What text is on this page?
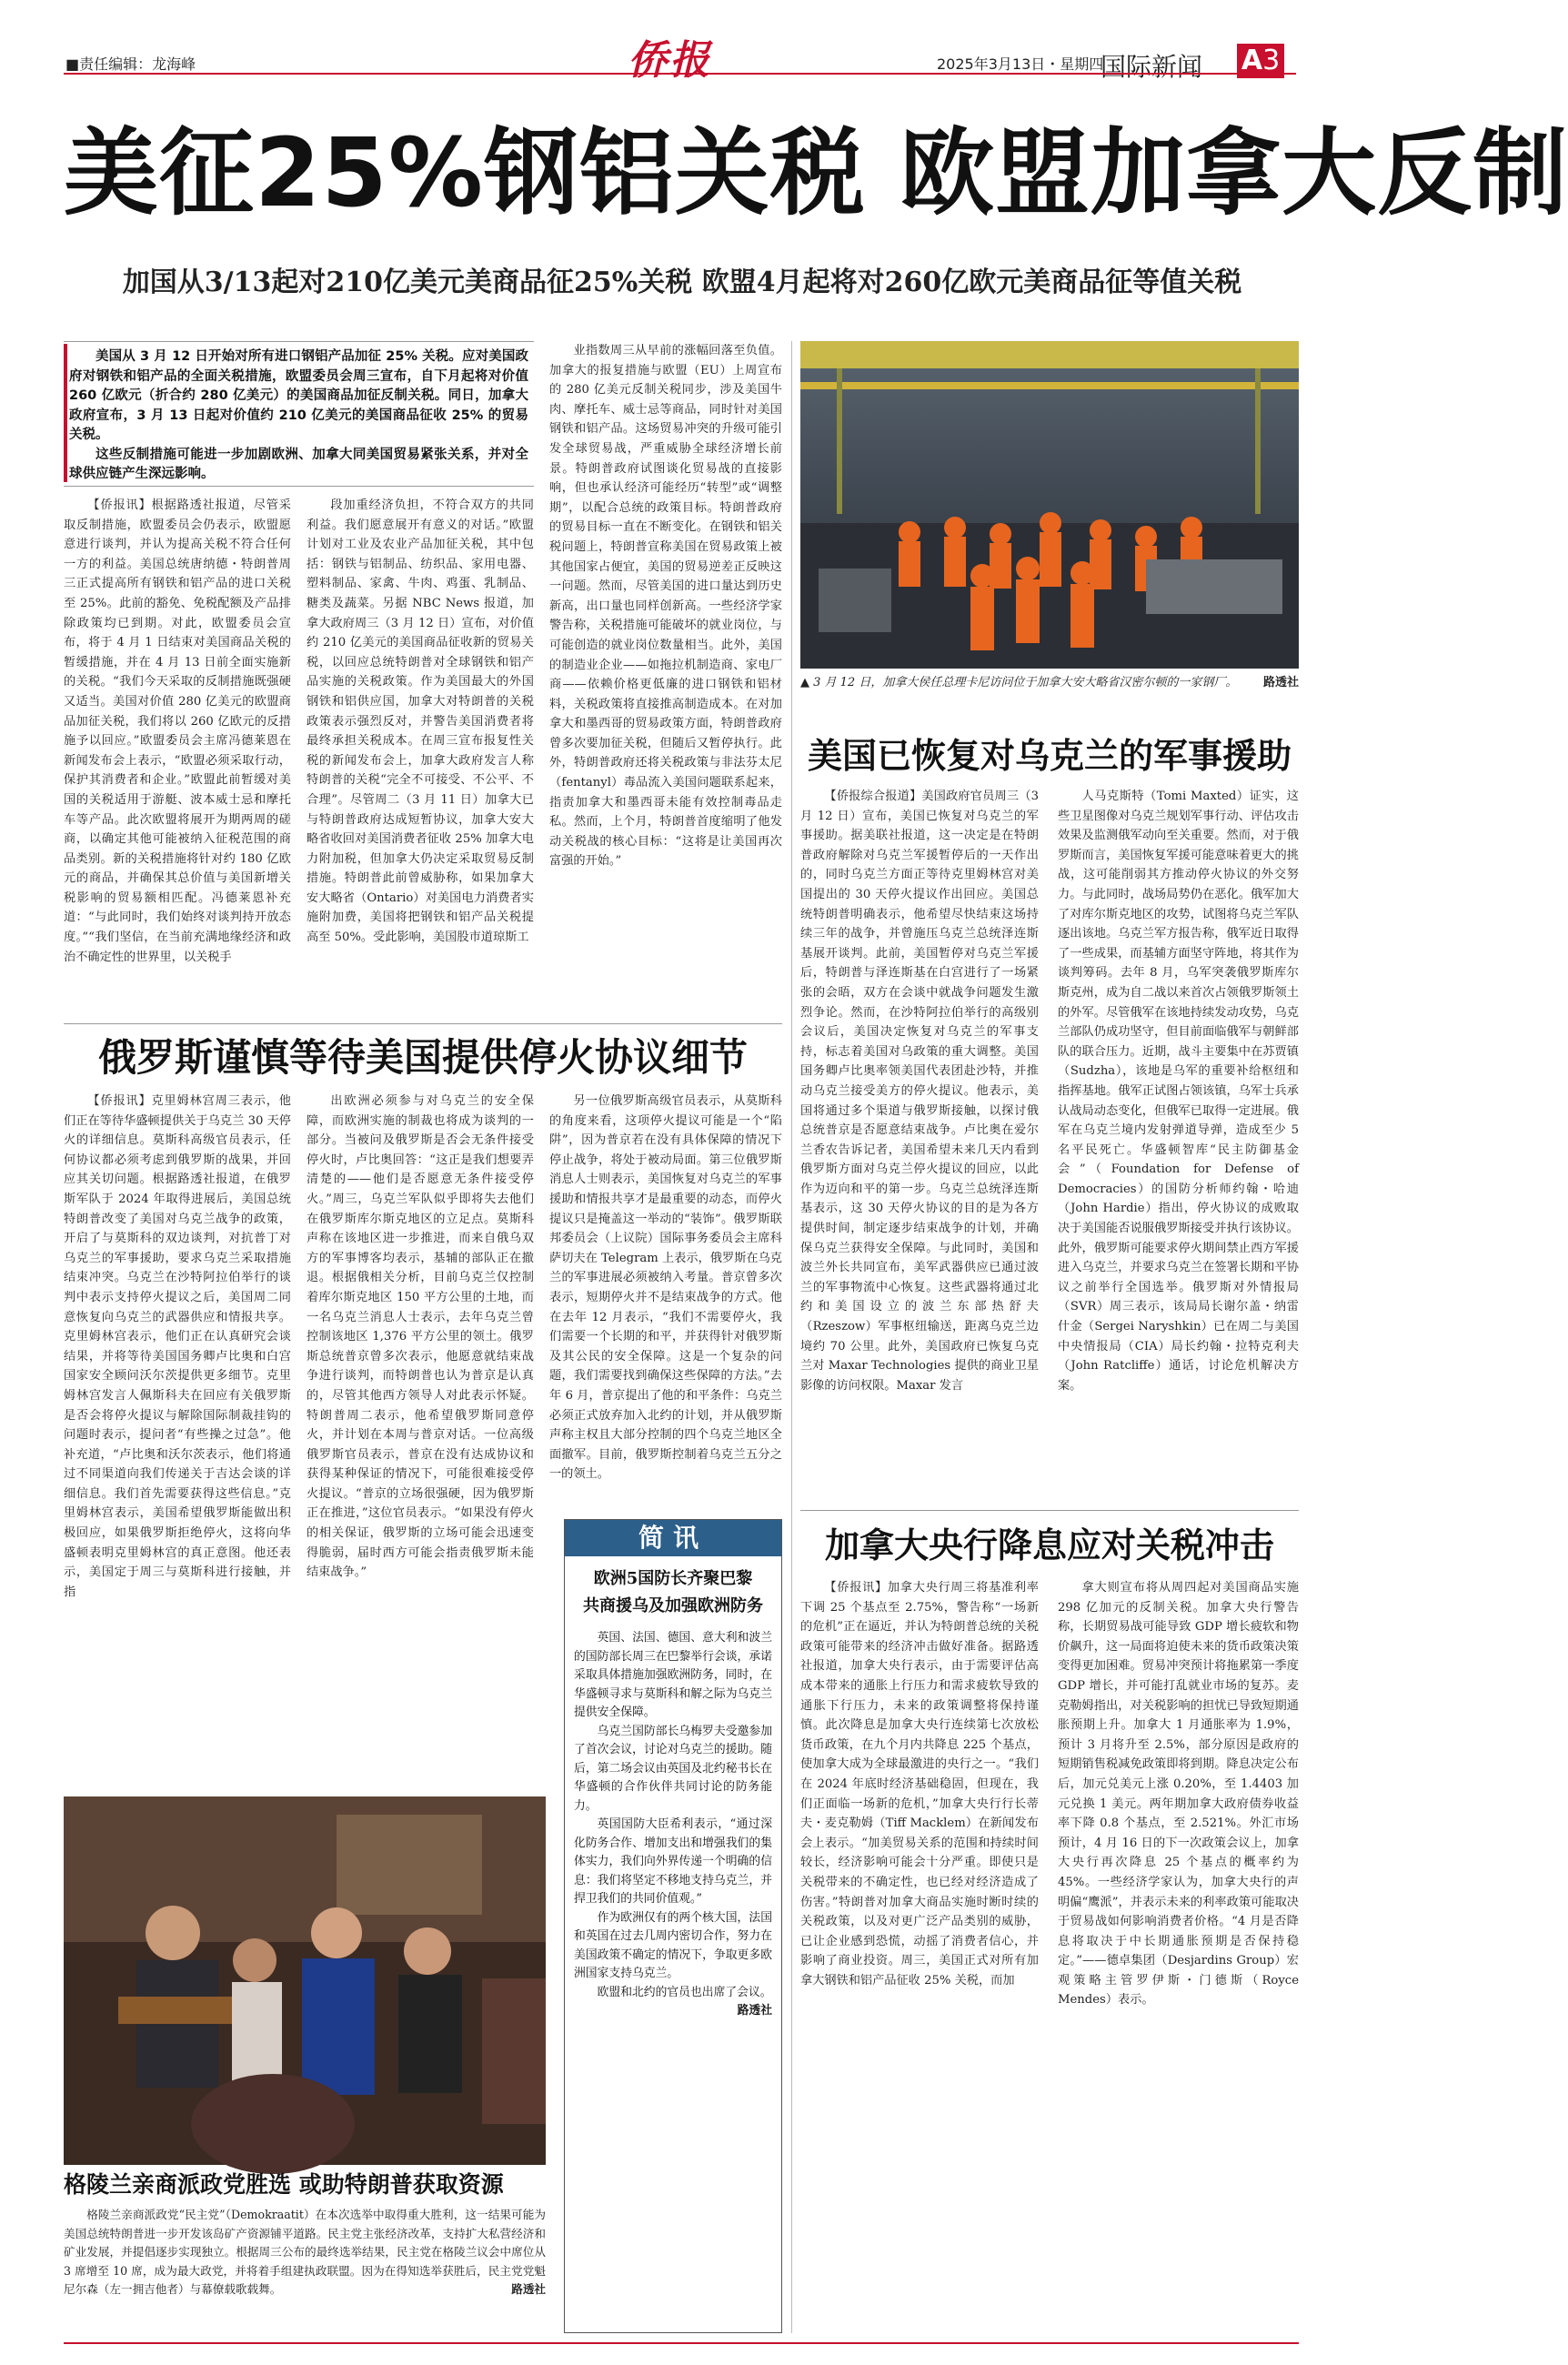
■责任编辑：龙海峰	侨报	2025年3月13日・星期四
国际新闻 A3
美征25%钢铝关税 欧盟加拿大反制
加国从3/13起对210亿美元美商品征25%关税 欧盟4月起将对260亿欧元美商品征等值关税

美国从 3 月 12 日开始对所有进口钢铝产品加征 25% 关税。应对美国政府对钢铁和铝产品的全面关税措施，欧盟委员会周三宣布，自下月起将对价值 260 亿欧元（折合约 280 亿美元）的美国商品加征反制关税。同日，加拿大政府宣布，3 月 13 日起对价值约 210 亿美元的美国商品征收 25% 的贸易关税。

这些反制措施可能进一步加剧欧洲、加拿大同美国贸易紧张关系，并对全球供应链产生深远影响。

【侨报讯】根据路透社报道，尽管采取反制措施，欧盟委员会仍表示，欧盟愿意进行谈判，并认为提高关税不符合任何一方的利益。美国总统唐纳德・特朗普周三正式提高所有钢铁和铝产品的进口关税至 25%。此前的豁免、免税配额及产品排除政策均已到期。对此，欧盟委员会宣布，将于 4 月 1 日结束对美国商品关税的暂缓措施，并在 4 月 13 日前全面实施新的关税。“我们今天采取的反制措施既强硬又适当。美国对价值 280 亿美元的欧盟商品加征关税，我们将以 260 亿欧元的反措施予以回应。”欧盟委员会主席冯德莱恩在新闻发布会上表示，“欧盟必须采取行动，保护其消费者和企业。”欧盟此前暂缓对美国的关税适用于游艇、波本威士忌和摩托车等产品。此次欧盟将展开为期两周的磋商，以确定其他可能被纳入征税范围的商品类别。新的关税措施将针对约 180 亿欧元的商品，并确保其总价值与美国新增关税影响的贸易额相匹配。冯德莱恩补充道：“与此同时，我们始终对谈判持开放态度。”“我们坚信，在当前充满地缘经济和政治不确定性的世界里，以关税手
段加重经济负担，不符合双方的共同利益。我们愿意展开有意义的对话。”欧盟计划对工业及农业产品加征关税，其中包括：钢铁与铝制品、纺织品、家用电器、塑料制品、家禽、牛肉、鸡蛋、乳制品、糖类及蔬菜。另据 NBC News 报道，加拿大政府周三（3 月 12 日）宣布，对价值约 210 亿美元的美国商品征收新的贸易关税，以回应总统特朗普对全球钢铁和铝产品实施的关税政策。作为美国最大的外国钢铁和铝供应国，加拿大对特朗普的关税政策表示强烈反对，并警告美国消费者将最终承担关税成本。在周三宣布报复性关税的新闻发布会上，加拿大政府发言人称特朗普的关税“完全不可接受、不公平、不合理”。尽管周二（3 月 11 日）加拿大已与特朗普政府达成短暂协议，加拿大安大略省收回对美国消费者征收 25% 加拿大电力附加税，但加拿大仍决定采取贸易反制措施。特朗普此前曾威胁称，如果加拿大安大略省（Ontario）对美国电力消费者实施附加费，美国将把钢铁和铝产品关税提高至 50%。受此影响，美国股市道琼斯工
业指数周三从早前的涨幅回落至负值。加拿大的报复措施与欧盟（EU）上周宣布的 280 亿美元反制关税同步，涉及美国牛肉、摩托车、威士忌等商品，同时针对美国钢铁和铝产品。这场贸易冲突的升级可能引发全球贸易战，严重威胁全球经济增长前景。特朗普政府试图谈化贸易战的直接影响，但也承认经济可能经历“转型”或“调整期”，以配合总统的政策目标。特朗普政府的贸易目标一直在不断变化。在钢铁和铝关税问题上，特朗普宣称美国在贸易政策上被其他国家占便宜，美国的贸易逆差正反映这一问题。然而，尽管美国的进口量达到历史新高，出口量也同样创新高。一些经济学家警告称，关税措施可能破坏的就业岗位，与可能创造的就业岗位数量相当。此外，美国的制造业企业——如拖拉机制造商、家电厂商——依赖价格更低廉的进口钢铁和铝材料，关税政策将直接推高制造成本。在对加拿大和墨西哥的贸易政策方面，特朗普政府曾多次要加征关税，但随后又暂停执行。此外，特朗普政府还将关税政策与非法芬太尼（fentanyl）毒品流入美国问题联系起来，指责加拿大和墨西哥未能有效控制毒品走私。然而，上个月，特朗普首度缩明了他发动关税战的核心目标：“这将是让美国再次富强的开始。”
▲ 3 月 12 日，加拿大侯任总理卡尼访问位于加拿大安大略省汉密尔顿的一家钢厂。 路透社
美国已恢复对乌克兰的军事援助
【侨报综合报道】美国政府官员周三（3 月 12 日）宣布，美国已恢复对乌克兰的军事援助。据美联社报道，这一决定是在特朗普政府解除对乌克兰军援暂停后的一天作出的，同时乌克兰方面正等待克里姆林宫对美国提出的 30 天停火提议作出回应。美国总统特朗普明确表示，他希望尽快结束这场持续三年的战争，并曾施压乌克兰总统泽连斯基展开谈判。此前，美国暂停对乌克兰军援后，特朗普与泽连斯基在白宫进行了一场紧张的会晤，双方在会谈中就战争问题发生激烈争论。然而，在沙特阿拉伯举行的高级别会议后，美国决定恢复对乌克兰的军事支持，标志着美国对乌政策的重大调整。美国国务卿卢比奥率领美国代表团赴沙特，并推动乌克兰接受美方的停火提议。他表示，美国将通过多个渠道与俄罗斯接触，以探讨俄总统普京是否愿意结束战争。卢比奥在爱尔兰香农告诉记者，美国希望未来几天内看到俄罗斯方面对乌克兰停火提议的回应，以此作为迈向和平的第一步。乌克兰总统泽连斯基表示，这 30 天停火协议的目的是为各方提供时间，制定逐步结束战争的计划，并确保乌克兰获得安全保障。与此同时，美国和波兰外长共同宣布，美军武器供应已通过波兰的军事物流中心恢复。这些武器将通过北约和美国设立的波兰东部热舒夫（Rzeszow）军事枢纽输送，距离乌克兰边境约 70 公里。此外，美国政府已恢复乌克兰对 Maxar Technologies 提供的商业卫星影像的访问权限。Maxar 发言
人马克斯特（Tomi Maxted）证实，这些卫星图像对乌克兰规划军事行动、评估攻击效果及监测俄军动向至关重要。然而，对于俄罗斯而言，美国恢复军援可能意味着更大的挑战，这可能削弱其方推动停火协议的外交努力。与此同时，战场局势仍在恶化。俄军加大了对库尔斯克地区的攻势，试图将乌克兰军队逐出该地。乌克兰军方报告称，俄军近日取得了一些成果，而基辅方面坚守阵地，将其作为谈判筹码。去年 8 月，乌军突袭俄罗斯库尔斯克州，成为自二战以来首次占领俄罗斯领土的外军。尽管俄军在该地持续发动攻势，乌克兰部队仍成功坚守，但目前面临俄军与朝鲜部队的联合压力。近期，战斗主要集中在苏贾镇（Sudzha），该地是乌军的重要补给枢纽和指挥基地。俄军正试图占领该镇，乌军士兵承认战局动态变化，但俄军已取得一定进展。俄军在乌克兰境内发射弹道导弹，造成至少 5 名平民死亡。华盛顿智库“民主防御基金会”（Foundation for Defense of Democracies）的国防分析师约翰・哈迪（John Hardie）指出，停火协议的成败取决于美国能否说服俄罗斯接受并执行该协议。此外，俄罗斯可能要求停火期间禁止西方军援进入乌克兰，并要求乌克兰在签署长期和平协议之前举行全国选举。俄罗斯对外情报局（SVR）周三表示，该局局长谢尔盖・纳雷什金（Sergei Naryshkin）已在周二与美国中央情报局（CIA）局长约翰・拉特克利夫（John Ratcliffe）通话，讨论危机解决方案。
俄罗斯谨慎等待美国提供停火协议细节
【侨报讯】克里姆林宫周三表示，他们正在等待华盛顿提供关于乌克兰 30 天停火的详细信息。莫斯科高级官员表示，任何协议都必须考虑到俄罗斯的战果，并回应其关切问题。根据路透社报道，在俄罗斯军队于 2024 年取得进展后，美国总统特朗普改变了美国对乌克兰战争的政策，开启了与莫斯科的双边谈判，对抗普丁对乌克兰的军事援助，要求乌克兰采取措施结束冲突。乌克兰在沙特阿拉伯举行的谈判中表示支持停火提议之后，美国周二同意恢复向乌克兰的武器供应和情报共享。克里姆林宫表示，他们正在认真研究会谈结果，并将等待美国国务卿卢比奥和白宫国家安全顾问沃尔茨提供更多细节。克里姆林宫发言人佩斯科夫在回应有关俄罗斯是否会将停火提议与解除国际制裁挂钩的问题时表示，提问者“有些操之过急”。他补充道，“卢比奥和沃尔茨表示，他们将通过不同渠道向我们传递关于吉达会谈的详细信息。我们首先需要获得这些信息。”克里姆林宫表示，美国希望俄罗斯能做出积极回应，如果俄罗斯拒绝停火，这将向华盛顿表明克里姆林宫的真正意图。他还表示，美国定于周三与莫斯科进行接触，并指
出欧洲必须参与对乌克兰的安全保障，而欧洲实施的制裁也将成为谈判的一部分。当被问及俄罗斯是否会无条件接受停火时，卢比奥回答：“这正是我们想要弄清楚的——他们是否愿意无条件接受停火。”周三，乌克兰军队似乎即将失去他们在俄罗斯库尔斯克地区的立足点。莫斯科声称在该地区进一步推进，而来自俄乌双方的军事博客均表示，基辅的部队正在撤退。根据俄相关分析，目前乌克兰仅控制着库尔斯克地区 150 平方公里的土地，而一名乌克兰消息人士表示，去年乌克兰曾控制该地区 1,376 平方公里的领土。俄罗斯总统普京曾多次表示，他愿意就结束战争进行谈判，而特朗普也认为普京是认真的，尽管其他西方领导人对此表示怀疑。特朗普周二表示，他希望俄罗斯同意停火，并计划在本周与普京对话。一位高级俄罗斯官员表示，普京在没有达成协议和获得某种保证的情况下，可能很难接受停火提议。“普京的立场很强硬，因为俄罗斯正在推进，”这位官员表示。“如果没有停火的相关保证，俄罗斯的立场可能会迅速变得脆弱，届时西方可能会指责俄罗斯未能结束战争。”
另一位俄罗斯高级官员表示，从莫斯科的角度来看，这项停火提议可能是一个“陷阱”，因为普京若在没有具体保障的情况下停止战争，将处于被动局面。第三位俄罗斯消息人士则表示，美国恢复对乌克兰的军事援助和情报共享才是最重要的动态，而停火提议只是掩盖这一举动的“装饰”。俄罗斯联邦委员会（上议院）国际事务委员会主席科萨切夫在 Telegram 上表示，俄罗斯在乌克兰的军事进展必须被纳入考量。普京曾多次表示，短期停火并不是结束战争的方式。他在去年 12 月表示，“我们不需要停火，我们需要一个长期的和平，并获得针对俄罗斯及其公民的安全保障。这是一个复杂的问题，我们需要找到确保这些保障的方法。”去年 6 月，普京提出了他的和平条件：乌克兰必须正式放弃加入北约的计划，并从俄罗斯声称主权且大部分控制的四个乌克兰地区全面撤军。目前，俄罗斯控制着乌克兰五分之一的领土。
简讯
欧洲5国防长齐聚巴黎
共商援乌及加强欧洲防务

英国、法国、德国、意大利和波兰的国防部长周三在巴黎举行会谈，承诺采取具体措施加强欧洲防务，同时，在华盛顿寻求与莫斯科和解之际为乌克兰提供安全保障。

乌克兰国防部长乌梅罗夫受邀参加了首次会议，讨论对乌克兰的援助。随后，第二场会议由英国及北约秘书长在华盛顿的合作伙伴共同讨论的防务能力。

英国国防大臣希利表示，“通过深化防务合作、增加支出和增强我们的集体实力，我们向外界传递一个明确的信息：我们将坚定不移地支持乌克兰，并捍卫我们的共同价值观。”

作为欧洲仅有的两个核大国，法国和英国在过去几周内密切合作，努力在美国政策不确定的情况下，争取更多欧洲国家支持乌克兰。

欧盟和北约的官员也出席了会议。

路透社
格陵兰亲商派政党胜选 或助特朗普获取资源
格陵兰亲商派政党“民主党”（Demokraatit）在本次选举中取得重大胜利，这一结果可能为美国总统特朗普进一步开发该岛矿产资源铺平道路。民主党主张经济改革，支持扩大私营经济和矿业发展，并提倡逐步实现独立。根据周三公布的最终选举结果，民主党在格陵兰议会中席位从 3 席增至 10 席，成为最大政党，并将着手组建执政联盟。因为在得知选举获胜后，民主党党魁尼尔森（左一拥吉他者）与幕僚载歌载舞。	路透社
加拿大央行降息应对关税冲击
【侨报讯】加拿大央行周三将基准利率下调 25 个基点至 2.75%，警告称“一场新的危机”正在逼近，并认为特朗普总统的关税政策可能带来的经济冲击做好准备。据路透社报道，加拿大央行表示，由于需要评估高成本带来的通胀上行压力和需求疲软导致的通胀下行压力，未来的政策调整将保持谨慎。此次降息是加拿大央行连续第七次放松货币政策，在九个月内共降息 225 个基点，使加拿大成为全球最激进的央行之一。“我们在 2024 年底时经济基础稳固，但现在，我们正面临一场新的危机，”加拿大央行行长蒂夫・麦克勒姆（Tiff Macklem）在新闻发布会上表示。“加美贸易关系的范围和持续时间较长，经济影响可能会十分严重。即使只是关税带来的不确定性，也已经对经济造成了伤害。”特朗普对加拿大商品实施时断时续的关税政策，以及对更广泛产品类别的威胁，已让企业感到恐慌，动摇了消费者信心，并影响了商业投资。周三，美国正式对所有加拿大钢铁和铝产品征收 25% 关税，而加
拿大则宣布将从周四起对美国商品实施 298 亿加元的反制关税。加拿大央行警告称，长期贸易战可能导致 GDP 增长疲软和物价飙升，这一局面将迫使未来的货币政策决策变得更加困难。贸易冲突预计将拖累第一季度 GDP 增长，并可能打乱就业市场的复苏。麦克勒姆指出，对关税影响的担忧已导致短期通胀预期上升。加拿大 1 月通胀率为 1.9%，预计 3 月将升至 2.5%，部分原因是政府的短期销售税减免政策即将到期。降息决定公布后，加元兑美元上涨 0.20%，至 1.4403 加元兑换 1 美元。两年期加拿大政府债券收益率下降 0.8 个基点，至 2.521%。外汇市场预计，4 月 16 日的下一次政策会议上，加拿大央行再次降息 25 个基点的概率约为 45%。一些经济学家认为，加拿大央行的声明偏“鹰派”，并表示未来的利率政策可能取决于贸易战如何影响消费者价格。“4 月是否降息将取决于中长期通胀预期是否保持稳定。”——德卓集团（Desjardins Group）宏观策略主管罗伊斯・门德斯（Royce Mendes）表示。
